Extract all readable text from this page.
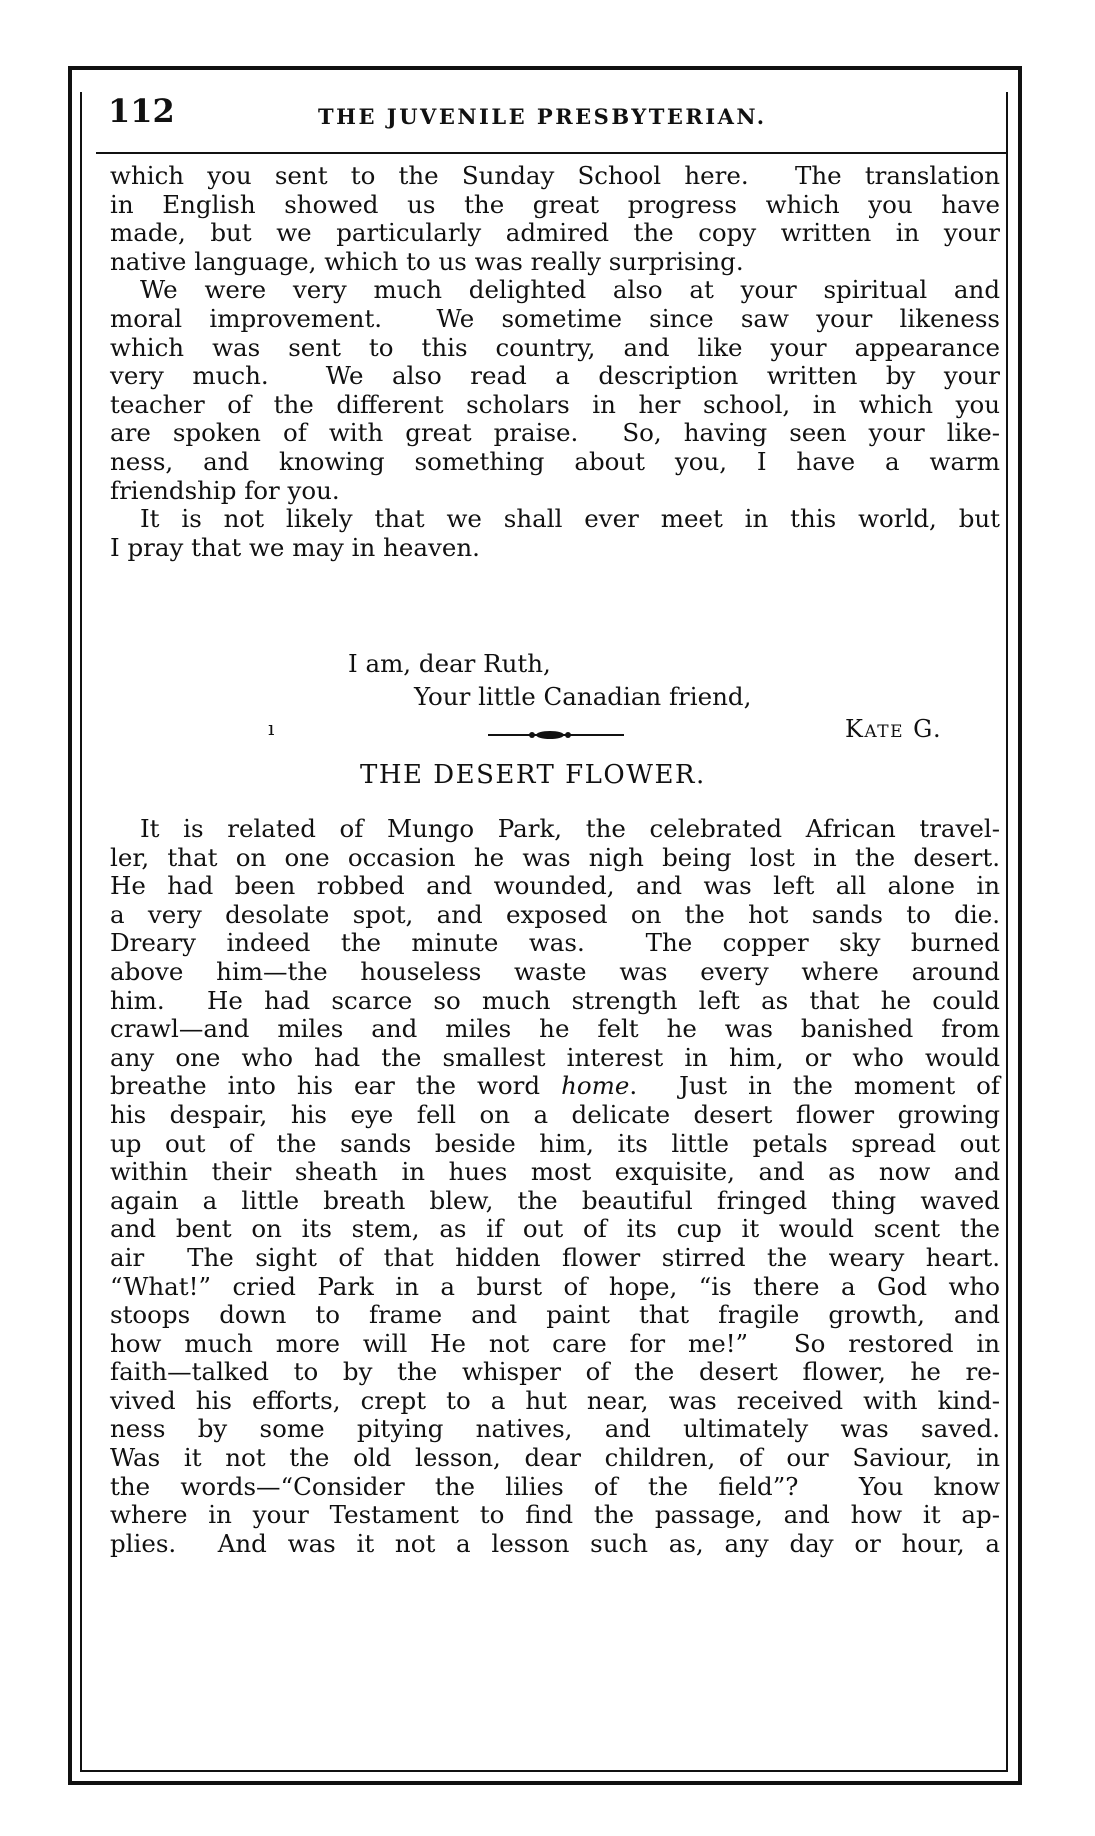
112	THE JUVENILE PRESBYTERIAN.
which you sent to the Sunday School here.  The translation
in English showed us the great progress which you have
made, but we particularly admired the copy written in your
native language, which to us was really surprising.
We were very much delighted also at your spiritual and
moral improvement.  We sometime since saw your likeness
which was sent to this country, and like your appearance
very much.  We also read a description written by your
teacher of the different scholars in her school, in which you
are spoken of with great praise.  So, having seen your like-
ness, and knowing something about you, I have a warm
friendship for you.
It is not likely that we shall ever meet in this world, but
I pray that we may in heaven.
I am, dear Ruth,
Your little Canadian friend,
ı	Kate G.
THE DESERT FLOWER.
It is related of Mungo Park, the celebrated African travel-
ler, that on one occasion he was nigh being lost in the desert.
He had been robbed and wounded, and was left all alone in
a very desolate spot, and exposed on the hot sands to die.
Dreary indeed the minute was.  The copper sky burned
above him—the houseless waste was every where around
him.  He had scarce so much strength left as that he could
crawl—and miles and miles he felt he was banished from
any one who had the smallest interest in him, or who would
breathe into his ear the word home.  Just in the moment of
his despair, his eye fell on a delicate desert flower growing
up out of the sands beside him, its little petals spread out
within their sheath in hues most exquisite, and as now and
again a little breath blew, the beautiful fringed thing waved
and bent on its stem, as if out of its cup it would scent the
air  The sight of that hidden flower stirred the weary heart.
“What!” cried Park in a burst of hope, “is there a God who
stoops down to frame and paint that fragile growth, and
how much more will He not care for me!”  So restored in
faith—talked to by the whisper of the desert flower, he re-
vived his efforts, crept to a hut near, was received with kind-
ness by some pitying natives, and ultimately was saved.
Was it not the old lesson, dear children, of our Saviour, in
the words—“Consider the lilies of the field”?  You know
where in your Testament to find the passage, and how it ap-
plies.  And was it not a lesson such as, any day or hour, a
